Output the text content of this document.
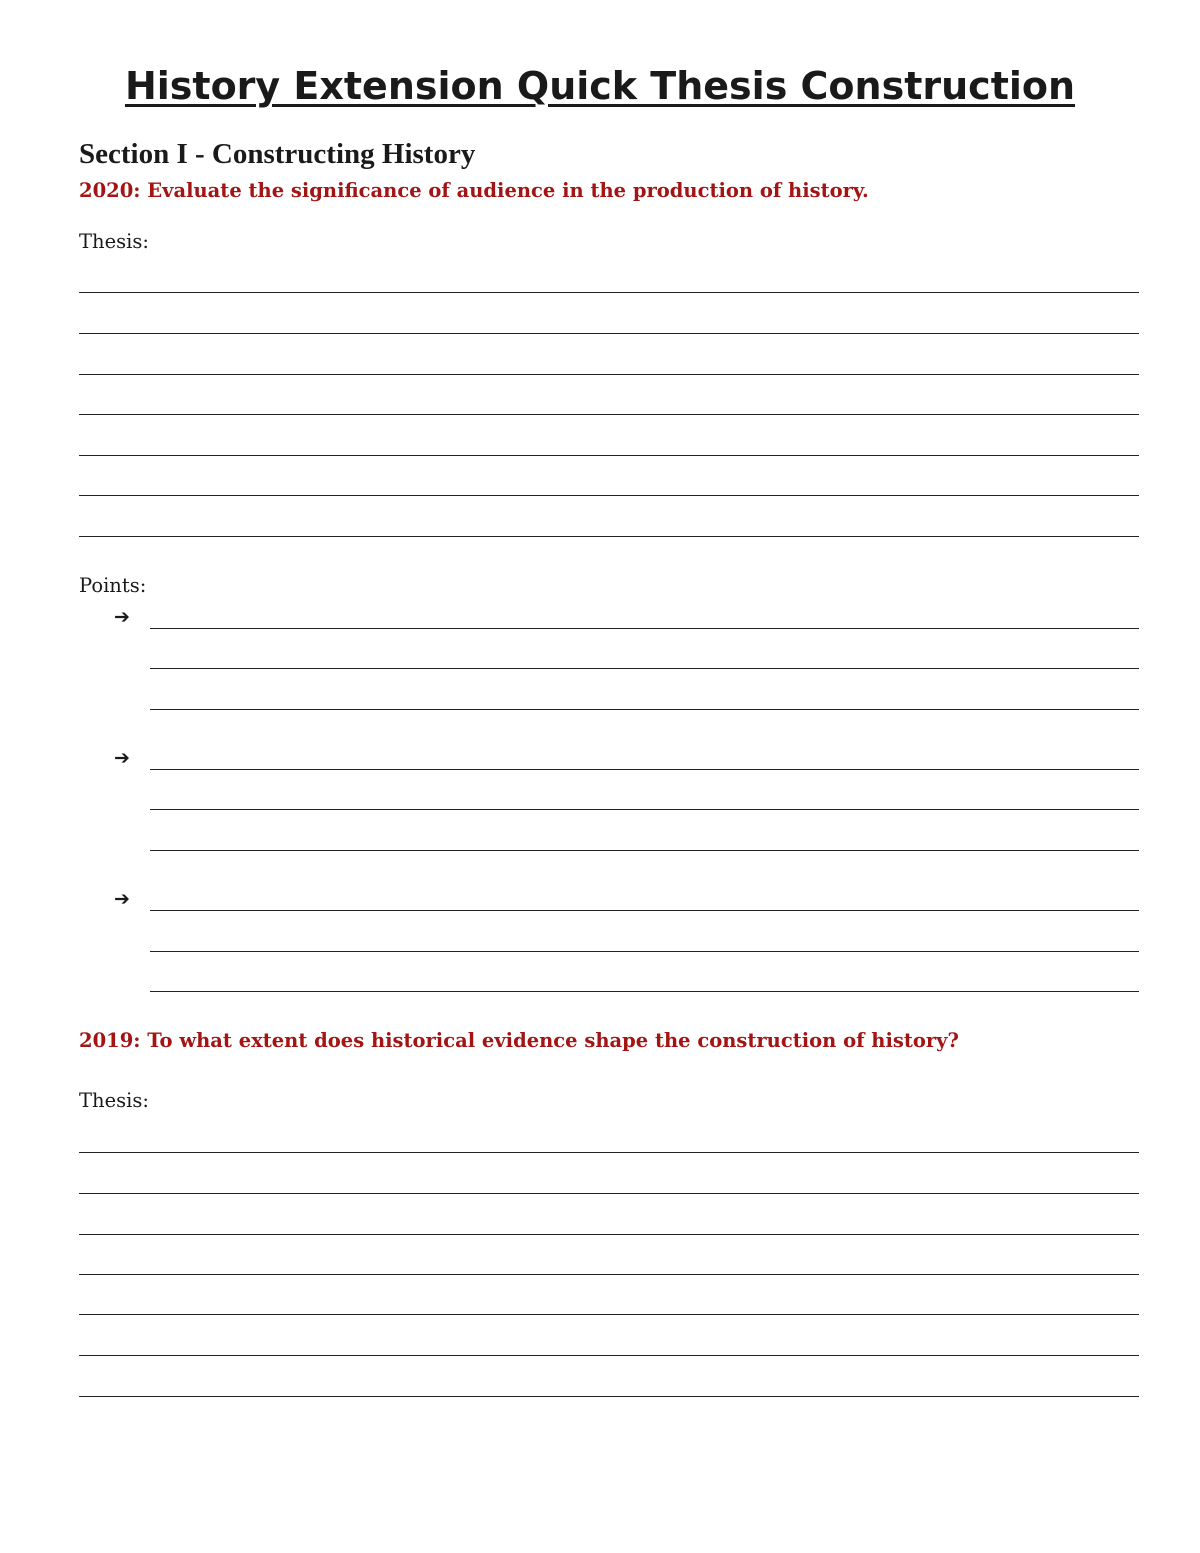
History Extension Quick Thesis Construction
Section I - Constructing History

2020: Evaluate the significance of audience in the production of history.

Thesis:

Points:

➔
➔
➔

2019: To what extent does historical evidence shape the construction of history?

Thesis:
